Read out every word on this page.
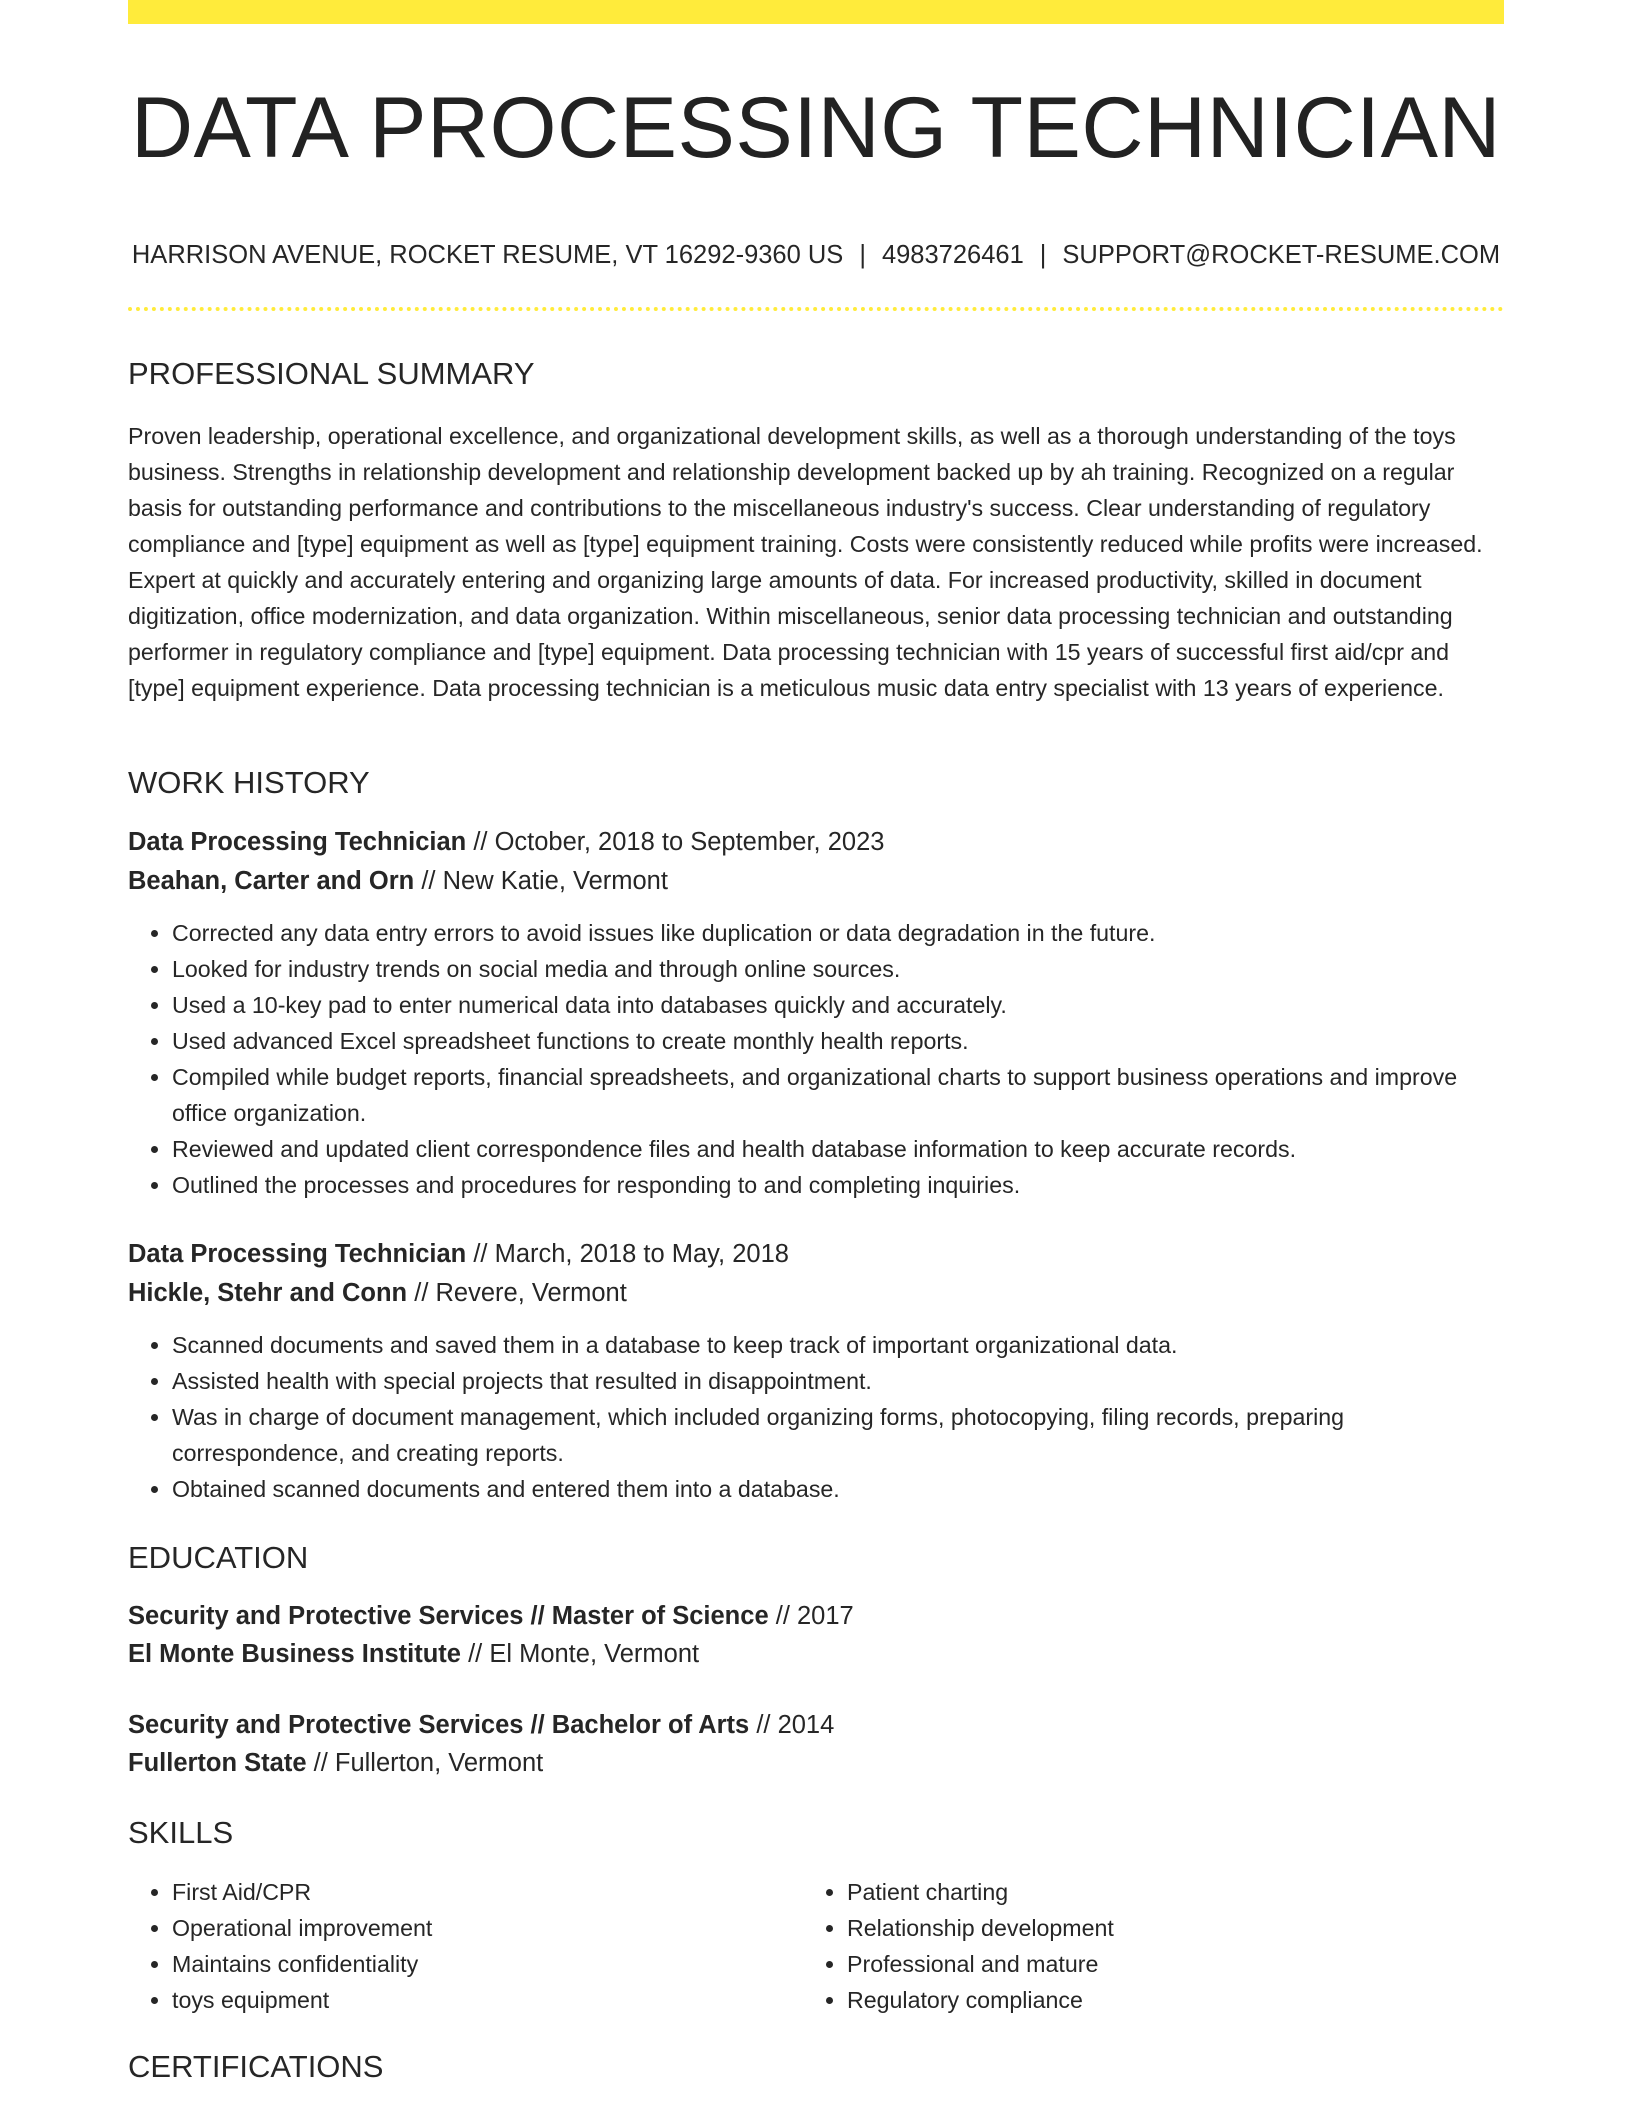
DATA PROCESSING TECHNICIAN
HARRISON AVENUE, ROCKET RESUME, VT 16292-9360 US | 4983726461 | SUPPORT@ROCKET-RESUME.COM
PROFESSIONAL SUMMARY

Proven leadership, operational excellence, and organizational development skills, as well as a thorough understanding of the toys business. Strengths in relationship development and relationship development backed up by ah training. Recognized on a regular basis for outstanding performance and contributions to the miscellaneous industry's success. Clear understanding of regulatory compliance and [type] equipment as well as [type] equipment training. Costs were consistently reduced while profits were increased. Expert at quickly and accurately entering and organizing large amounts of data. For increased productivity, skilled in document digitization, office modernization, and data organization. Within miscellaneous, senior data processing technician and outstanding performer in regulatory compliance and [type] equipment. Data processing technician with 15 years of successful first aid/cpr and [type] equipment experience. Data processing technician is a meticulous music data entry specialist with 13 years of experience.

WORK HISTORY
Data Processing Technician // October, 2018 to September, 2023
Beahan, Carter and Orn // New Katie, Vermont
• Corrected any data entry errors to avoid issues like duplication or data degradation in the future.
• Looked for industry trends on social media and through online sources.
• Used a 10-key pad to enter numerical data into databases quickly and accurately.
• Used advanced Excel spreadsheet functions to create monthly health reports.
• Compiled while budget reports, financial spreadsheets, and organizational charts to support business operations and improve office organization.
• Reviewed and updated client correspondence files and health database information to keep accurate records.
• Outlined the processes and procedures for responding to and completing inquiries.
Data Processing Technician // March, 2018 to May, 2018
Hickle, Stehr and Conn // Revere, Vermont
• Scanned documents and saved them in a database to keep track of important organizational data.
• Assisted health with special projects that resulted in disappointment.
• Was in charge of document management, which included organizing forms, photocopying, filing records, preparing correspondence, and creating reports.
• Obtained scanned documents and entered them into a database.
EDUCATION
Security and Protective Services // Master of Science // 2017
El Monte Business Institute // El Monte, Vermont
Security and Protective Services // Bachelor of Arts // 2014
Fullerton State // Fullerton, Vermont
SKILLS
• First Aid/CPR
• Operational improvement
• Maintains confidentiality
• toys equipment
• Patient charting
• Relationship development
• Professional and mature
• Regulatory compliance
CERTIFICATIONS
